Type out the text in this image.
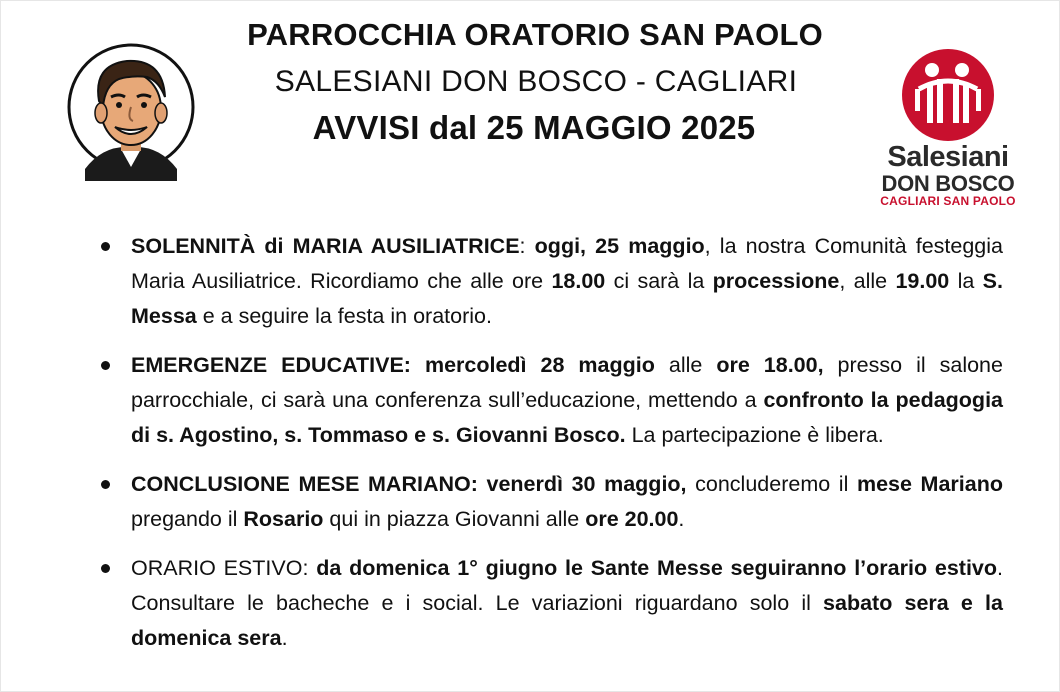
PARROCCHIA ORATORIO SAN PAOLO
SALESIANI DON BOSCO - CAGLIARI
AVVISI dal 25 MAGGIO 2025
Salesiani
DON BOSCO
CAGLIARI SAN PAOLO
SOLENNITÀ di MARIA AUSILIATRICE: oggi, 25 maggio, la nostra Comunità festeggia Maria Ausiliatrice. Ricordiamo che alle ore 18.00 ci sarà la processione, alle 19.00 la S. Messa e a seguire la festa in oratorio.
EMERGENZE EDUCATIVE: mercoledì 28 maggio alle ore 18.00, presso il salone parrocchiale, ci sarà una conferenza sull’educazione, mettendo a confronto la pedagogia di s. Agostino, s. Tommaso e s. Giovanni Bosco. La partecipazione è libera.
CONCLUSIONE MESE MARIANO: venerdì 30 maggio, concluderemo il mese Mariano pregando il Rosario qui in piazza Giovanni alle ore 20.00.
ORARIO ESTIVO: da domenica 1° giugno le Sante Messe seguiranno l’orario estivo. Consultare le bacheche e i social. Le variazioni riguardano solo il sabato sera e la domenica sera.
